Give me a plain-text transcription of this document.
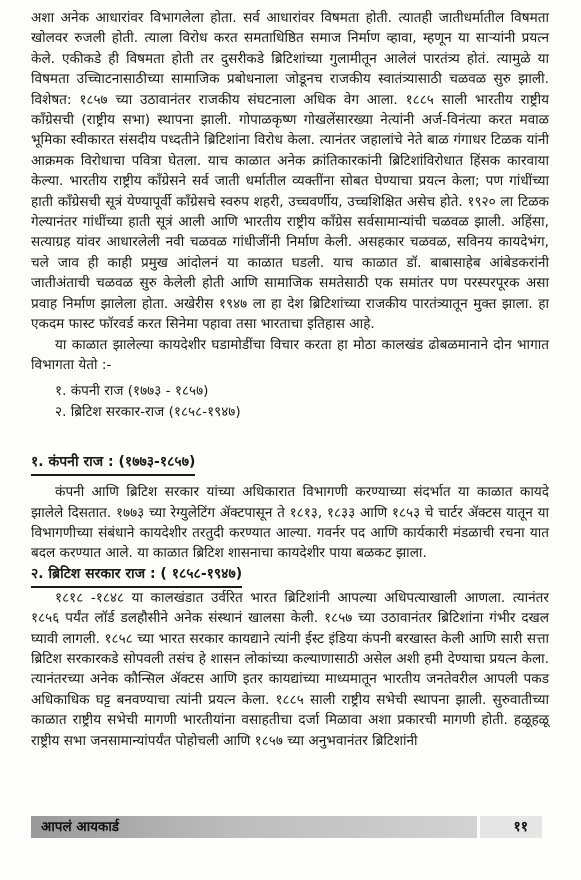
अशा अनेक आधारांवर विभागलेला होता. सर्व आधारांवर विषमता होती. त्यातही जातीधर्मातील विषमता खोलवर रुजली होती. त्याला विरोध करत समताधिष्ठित समाज निर्माण व्हावा, म्हणून या साऱ्यांनी प्रयत्न केले. एकीकडे ही विषमता होती तर दुसरीकडे ब्रिटिशांच्या गुलामीतून आलेलं पारतंत्र्य होतं. त्यामुळे या विषमता उच्चिाटनासाठीच्या सामाजिक प्रबोधनाला जोडूनच राजकीय स्वातंत्र्यासाठी चळवळ सुरु झाली. विशेषत: १८५७ च्या उठावानंतर राजकीय संघटनाला अधिक वेग आला. १८८५ साली भारतीय राष्ट्रीय काँग्रेसची (राष्ट्रीय सभा) स्थापना झाली. गोपाळकृष्ण गोखलेंसारख्या नेत्यांनी अर्ज-विनंत्या करत मवाळ भूमिका स्वीकारत संसदीय पध्दतीने ब्रिटिशांना विरोध केला. त्यानंतर जहालांचे नेते बाळ गंगाधर टिळक यांनी आक्रमक विरोधाचा पवित्रा घेतला. याच काळात अनेक क्रांतिकारकांनी ब्रिटिशांविरोधात हिंसक कारवाया केल्या. भारतीय राष्ट्रीय काँग्रेसने सर्व जाती धर्मातील व्यक्तींना सोबत घेण्याचा प्रयत्न केला; पण गांधींच्या हाती काँग्रेसची सूत्रं येण्यापूर्वी काँग्रेसचे स्वरुप शहरी, उच्चवर्णीय, उच्चशिक्षित असेच होते. १९२० ला टिळक गेल्यानंतर गांधींच्या हाती सूत्रं आली आणि भारतीय राष्ट्रीय काँग्रेस सर्वसामान्यांची चळवळ झाली. अहिंसा, सत्याग्रह यांवर आधारलेली नवी चळवळ गांधीजींनी निर्माण केली. असहकार चळवळ, सविनय कायदेभंग, चले जाव ही काही प्रमुख आंदोलनं या काळात घडली. याच काळात डॉ. बाबासाहेब आंबेडकरांनी जातीअंताची चळवळ सुरु केलेली होती आणि सामाजिक समतेसाठी एक समांतर पण परस्परपूरक असा प्रवाह निर्माण झालेला होता. अखेरीस १९४७ ला हा देश ब्रिटिशांच्या राजकीय पारतंत्र्यातून मुक्त झाला. हा एकदम फास्ट फॉरवर्ड करत सिनेमा पहावा तसा भारताचा इतिहास आहे.

या काळात झालेल्या कायदेशीर घडामोडींचा विचार करता हा मोठा कालखंड ढोबळमानाने दोन भागात विभागता येतो :-

१. कंपनी राज (१७७३ - १८५७)

२. ब्रिटिश सरकार-राज (१८५८-१९४७)

१. कंपनी राज : (१७७३-१८५७)

कंपनी आणि ब्रिटिश सरकार यांच्या अधिकारात विभागणी करण्याच्या संदर्भात या काळात कायदे झालेले दिसतात. १७७३ च्या रेग्युलेटिंग ॲक्टपासून ते १८१३, १८३३ आणि १८५३ चे चार्टर ॲक्टस यातून या विभागणीच्या संबंधाने कायदेशीर तरतुदी करण्यात आल्या. गवर्नर पद आणि कार्यकारी मंडळाची रचना यात बदल करण्यात आले. या काळात ब्रिटिश शासनाचा कायदेशीर पाया बळकट झाला.

२. ब्रिटिश सरकार राज : ( १८५८-१९४७)

१८१८ -१८४८ या कालखंडात उर्वरित भारत ब्रिटिशांनी आपल्या अधिपत्याखाली आणला. त्यानंतर १८५६ पर्यंत लॉर्ड डलहौसीने अनेक संस्थानं खालसा केली. १८५७ च्या उठावानंतर ब्रिटिशांना गंभीर दखल घ्यावी लागली. १८५८ च्या भारत सरकार कायद्याने त्यांनी ईस्ट इंडिया कंपनी बरखास्त केली आणि सारी सत्ता ब्रिटिश सरकारकडे सोपवली तसंच हे शासन लोकांच्या कल्याणासाठी असेल अशी हमी देण्याचा प्रयत्न केला. त्यानंतरच्या अनेक कौन्सिल ॲक्टस आणि इतर कायद्यांच्या माध्यमातून भारतीय जनतेवरील आपली पकड अधिकाधिक घट्ट बनवण्याचा त्यांनी प्रयत्न केला. १८८५ साली राष्ट्रीय सभेची स्थापना झाली. सुरुवातीच्या काळात राष्ट्रीय सभेची मागणी भारतीयांना वसाहतीचा दर्जा मिळावा अशा प्रकारची मागणी होती. हळूहळू राष्ट्रीय सभा जनसामान्यांपर्यंत पोहोचली आणि १८५७ च्या अनुभवानंतर ब्रिटिशांनी

आपलं आयकार्ड	११
